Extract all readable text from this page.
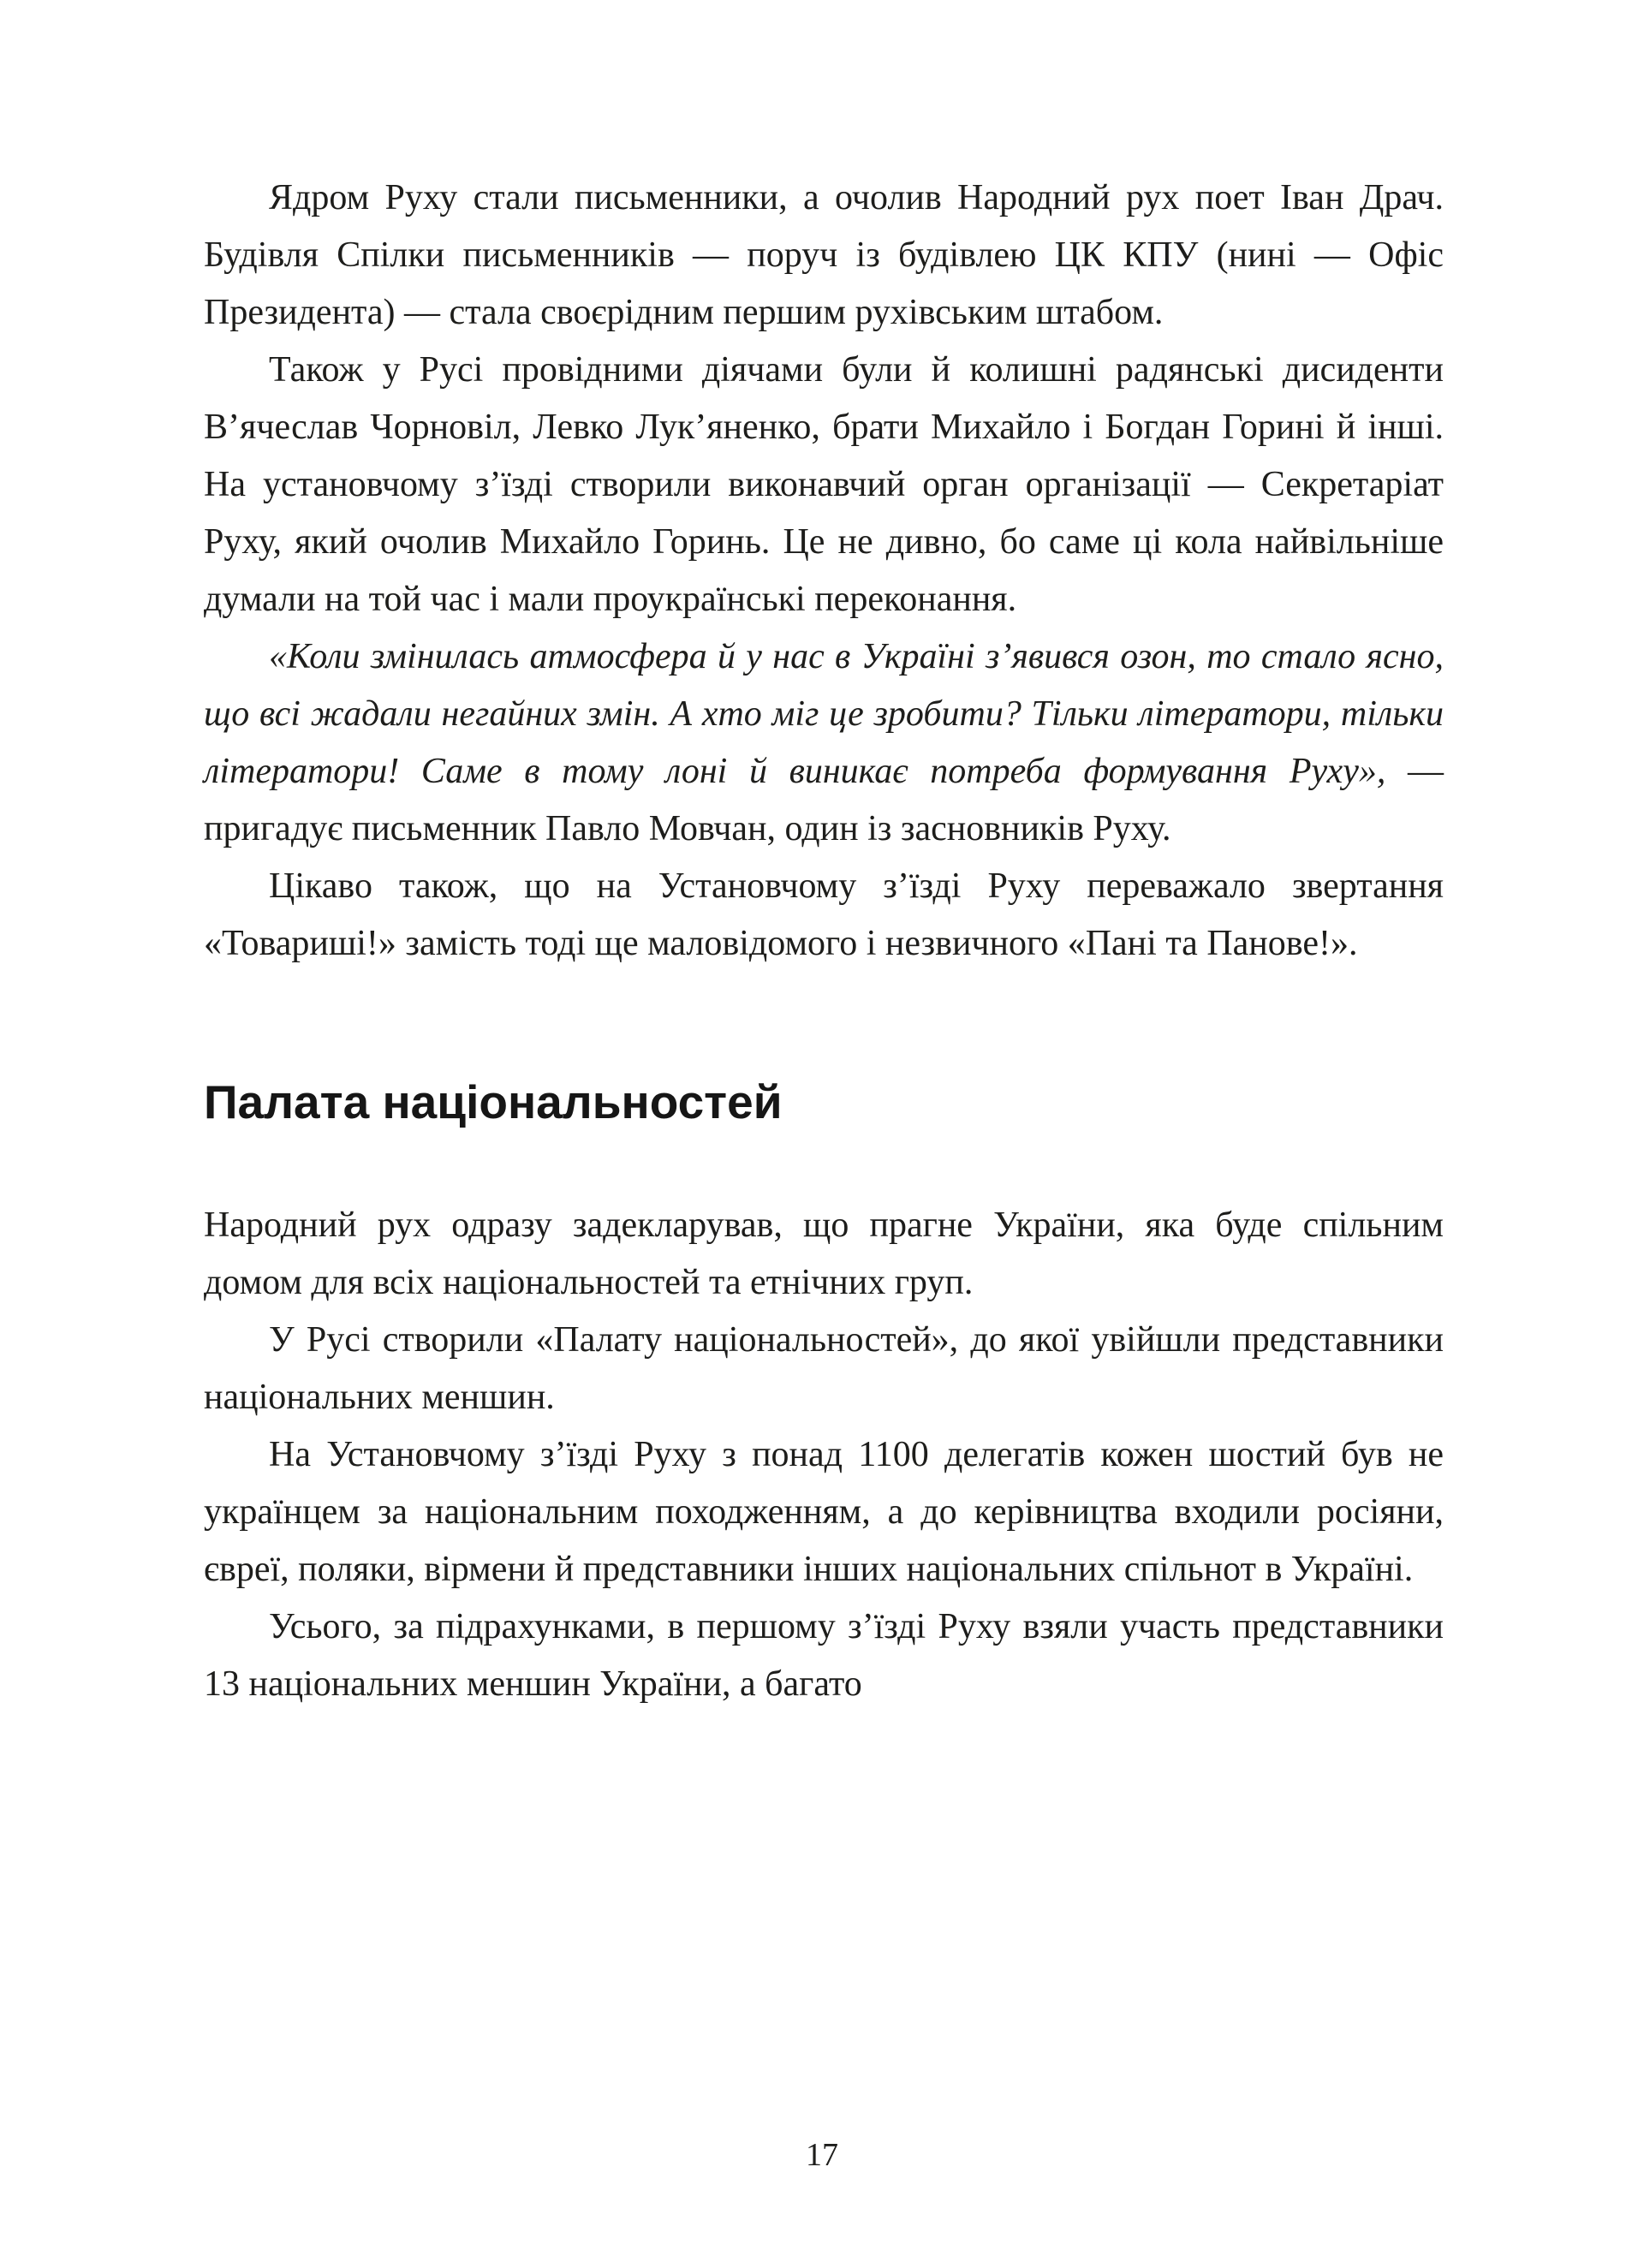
Ядром Руху стали письменники, а очолив Народний рух поет Іван Драч. Будівля Спілки письменників — поруч із будівлею ЦК КПУ (нині — Офіс Президента) — стала своєрідним першим рухівським штабом.

Також у Русі провідними діячами були й колишні радянські дисиденти В’ячеслав Чорновіл, Левко Лук’яненко, брати Михайло і Богдан Горині й інші. На установчому з’їзді створили виконавчий орган організації — Секретаріат Руху, який очолив Михайло Горинь. Це не дивно, бо саме ці кола найвільніше думали на той час і мали проукраїнські переконання.

«Коли змінилась атмосфера й у нас в Україні з’явився озон, то стало ясно, що всі жадали негайних змін. А хто міг це зробити? Тільки літератори, тільки літератори! Саме в тому лоні й виникає потреба формування Руху», — пригадує письменник Павло Мовчан, один із засновників Руху.

Цікаво також, що на Установчому з’їзді Руху переважало звертання «Товариші!» замість тоді ще маловідомого і незвичного «Пані та Панове!».

Палата національностей

Народний рух одразу задекларував, що прагне України, яка буде спільним домом для всіх національностей та етнічних груп.

У Русі створили «Палату національностей», до якої увійшли представники національних меншин.

На Установчому з’їзді Руху з понад 1100 делегатів кожен шостий був не українцем за національним походженням, а до керівництва входили росіяни, євреї, поляки, вірмени й представники інших національних спільнот в Україні.

Усього, за підрахунками, в першому з’їзді Руху взяли участь представники 13 національних меншин України, а багато

17
